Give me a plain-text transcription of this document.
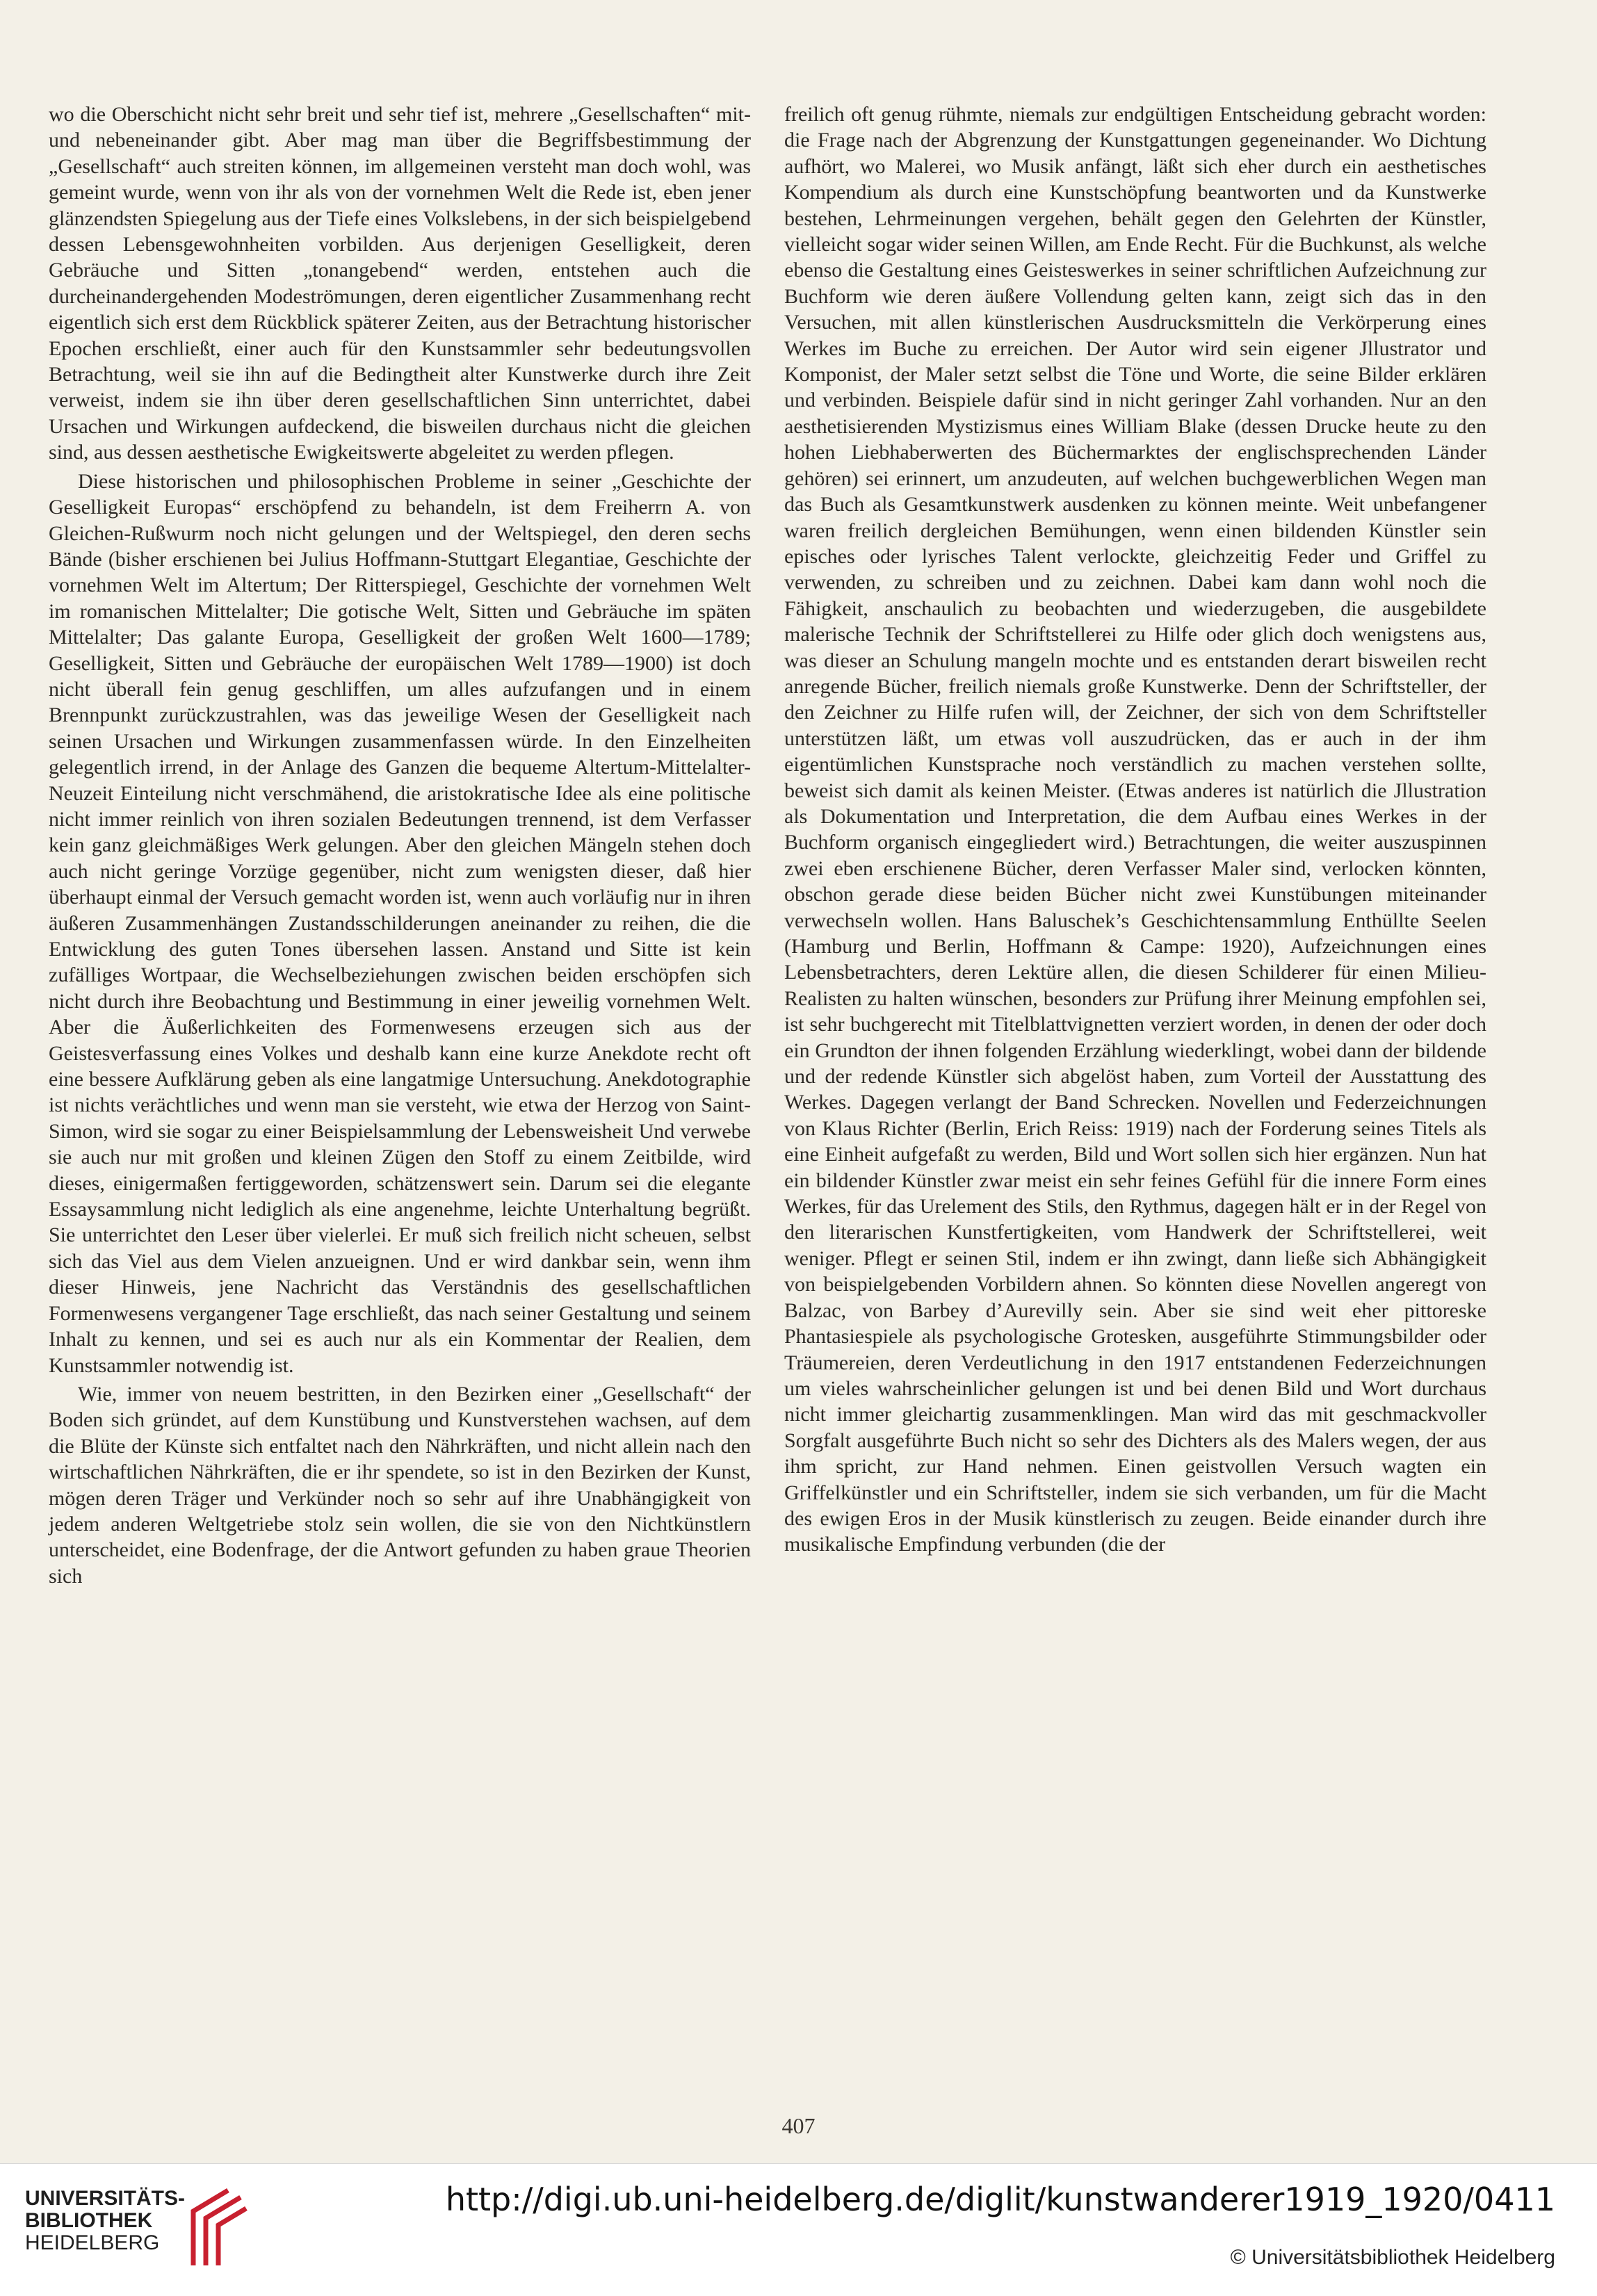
wo die Oberschicht nicht sehr breit und sehr tief ist, mehrere „Gesellschaften“ mit- und nebeneinander gibt. Aber mag man über die Begriffsbestimmung der „Gesellschaft“ auch streiten können, im allgemeinen versteht man doch wohl, was gemeint wurde, wenn von ihr als von der vornehmen Welt die Rede ist, eben jener glänzendsten Spiegelung aus der Tiefe eines Volkslebens, in der sich beispielgebend dessen Lebensgewohnheiten vorbilden. Aus derjenigen Geselligkeit, deren Gebräuche und Sitten „tonangebend“ werden, entstehen auch die durcheinandergehenden Modeströmungen, deren eigentlicher Zusammenhang recht eigentlich sich erst dem Rückblick späterer Zeiten, aus der Betrachtung historischer Epochen erschließt, einer auch für den Kunstsammler sehr bedeutungsvollen Betrachtung, weil sie ihn auf die Bedingtheit alter Kunstwerke durch ihre Zeit verweist, indem sie ihn über deren gesellschaftlichen Sinn unterrichtet, dabei Ursachen und Wirkungen aufdeckend, die bisweilen durchaus nicht die gleichen sind, aus dessen aesthetische Ewigkeitswerte abgeleitet zu werden pflegen.

Diese historischen und philosophischen Probleme in seiner „Geschichte der Geselligkeit Europas“ erschöpfend zu behandeln, ist dem Freiherrn A. von Gleichen-Rußwurm noch nicht gelungen und der Weltspiegel, den deren sechs Bände (bisher erschienen bei Julius Hoffmann-Stuttgart Elegantiae, Geschichte der vornehmen Welt im Altertum; Der Ritterspiegel, Geschichte der vornehmen Welt im romanischen Mittelalter; Die gotische Welt, Sitten und Gebräuche im späten Mittelalter; Das galante Europa, Geselligkeit der großen Welt 1600—1789; Geselligkeit, Sitten und Gebräuche der europäischen Welt 1789—1900) ist doch nicht überall fein genug geschliffen, um alles aufzufangen und in einem Brennpunkt zurückzustrahlen, was das jeweilige Wesen der Geselligkeit nach seinen Ursachen und Wirkungen zusammenfassen würde. In den Einzelheiten gelegentlich irrend, in der Anlage des Ganzen die bequeme Altertum-Mittelalter-Neuzeit Einteilung nicht verschmähend, die aristokratische Idee als eine politische nicht immer reinlich von ihren sozialen Bedeutungen trennend, ist dem Verfasser kein ganz gleichmäßiges Werk gelungen. Aber den gleichen Mängeln stehen doch auch nicht geringe Vorzüge gegenüber, nicht zum wenigsten dieser, daß hier überhaupt einmal der Versuch gemacht worden ist, wenn auch vorläufig nur in ihren äußeren Zusammenhängen Zustandsschilderungen aneinander zu reihen, die die Entwicklung des guten Tones übersehen lassen. Anstand und Sitte ist kein zufälliges Wortpaar, die Wechselbeziehungen zwischen beiden erschöpfen sich nicht durch ihre Beobachtung und Bestimmung in einer jeweilig vornehmen Welt. Aber die Äußerlichkeiten des Formenwesens erzeugen sich aus der Geistesverfassung eines Volkes und deshalb kann eine kurze Anekdote recht oft eine bessere Aufklärung geben als eine langatmige Untersuchung. Anekdotographie ist nichts verächtliches und wenn man sie versteht, wie etwa der Herzog von Saint-Simon, wird sie sogar zu einer Beispielsammlung der Lebensweisheit Und verwebe sie auch nur mit großen und kleinen Zügen den Stoff zu einem Zeitbilde, wird dieses, einigermaßen fertiggeworden, schätzenswert sein. Darum sei die elegante Essaysammlung nicht lediglich als eine angenehme, leichte Unterhaltung begrüßt. Sie unterrichtet den Leser über vielerlei. Er muß sich freilich nicht scheuen, selbst sich das Viel aus dem Vielen anzueignen. Und er wird dankbar sein, wenn ihm dieser Hinweis, jene Nachricht das Verständnis des gesellschaftlichen Formenwesens vergangener Tage erschließt, das nach seiner Gestaltung und seinem Inhalt zu kennen, und sei es auch nur als ein Kommentar der Realien, dem Kunstsammler notwendig ist.

Wie, immer von neuem bestritten, in den Bezirken einer „Gesellschaft“ der Boden sich gründet, auf dem Kunstübung und Kunstverstehen wachsen, auf dem die Blüte der Künste sich entfaltet nach den Nährkräften, und nicht allein nach den wirtschaftlichen Nährkräften, die er ihr spendete, so ist in den Bezirken der Kunst, mögen deren Träger und Verkünder noch so sehr auf ihre Unabhängigkeit von jedem anderen Weltgetriebe stolz sein wollen, die sie von den Nichtkünstlern unterscheidet, eine Bodenfrage, der die Antwort gefunden zu haben graue Theorien sich

freilich oft genug rühmte, niemals zur endgültigen Entscheidung gebracht worden: die Frage nach der Abgrenzung der Kunstgattungen gegeneinander. Wo Dichtung aufhört, wo Malerei, wo Musik anfängt, läßt sich eher durch ein aesthetisches Kompendium als durch eine Kunstschöpfung beantworten und da Kunstwerke bestehen, Lehrmeinungen vergehen, behält gegen den Gelehrten der Künstler, vielleicht sogar wider seinen Willen, am Ende Recht. Für die Buchkunst, als welche ebenso die Gestaltung eines Geisteswerkes in seiner schriftlichen Aufzeichnung zur Buchform wie deren äußere Vollendung gelten kann, zeigt sich das in den Versuchen, mit allen künstlerischen Ausdrucksmitteln die Verkörperung eines Werkes im Buche zu erreichen. Der Autor wird sein eigener Jllustrator und Komponist, der Maler setzt selbst die Töne und Worte, die seine Bilder erklären und verbinden. Beispiele dafür sind in nicht geringer Zahl vorhanden. Nur an den aesthetisierenden Mystizismus eines William Blake (dessen Drucke heute zu den hohen Liebhaberwerten des Büchermarktes der englischsprechenden Länder gehören) sei erinnert, um anzudeuten, auf welchen buchgewerblichen Wegen man das Buch als Gesamtkunstwerk ausdenken zu können meinte. Weit unbefangener waren freilich dergleichen Bemühungen, wenn einen bildenden Künstler sein episches oder lyrisches Talent verlockte, gleichzeitig Feder und Griffel zu verwenden, zu schreiben und zu zeichnen. Dabei kam dann wohl noch die Fähigkeit, anschaulich zu beobachten und wiederzugeben, die ausgebildete malerische Technik der Schriftstellerei zu Hilfe oder glich doch wenigstens aus, was dieser an Schulung mangeln mochte und es entstanden derart bisweilen recht anregende Bücher, freilich niemals große Kunstwerke. Denn der Schriftsteller, der den Zeichner zu Hilfe rufen will, der Zeichner, der sich von dem Schriftsteller unterstützen läßt, um etwas voll auszudrücken, das er auch in der ihm eigentümlichen Kunstsprache noch verständlich zu machen verstehen sollte, beweist sich damit als keinen Meister. (Etwas anderes ist natürlich die Jllustration als Dokumentation und Interpretation, die dem Aufbau eines Werkes in der Buchform organisch eingegliedert wird.) Betrachtungen, die weiter auszuspinnen zwei eben erschienene Bücher, deren Verfasser Maler sind, verlocken könnten, obschon gerade diese beiden Bücher nicht zwei Kunstübungen miteinander verwechseln wollen. Hans Baluschek’s Geschichtensammlung Enthüllte Seelen (Hamburg und Berlin, Hoffmann & Campe: 1920), Aufzeichnungen eines Lebensbetrachters, deren Lektüre allen, die diesen Schilderer für einen Milieu-Realisten zu halten wünschen, besonders zur Prüfung ihrer Meinung empfohlen sei, ist sehr buchgerecht mit Titelblattvignetten verziert worden, in denen der oder doch ein Grundton der ihnen folgenden Erzählung wiederklingt, wobei dann der bildende und der redende Künstler sich abgelöst haben, zum Vorteil der Ausstattung des Werkes. Dagegen verlangt der Band Schrecken. Novellen und Federzeichnungen von Klaus Richter (Berlin, Erich Reiss: 1919) nach der Forderung seines Titels als eine Einheit aufgefaßt zu werden, Bild und Wort sollen sich hier ergänzen. Nun hat ein bildender Künstler zwar meist ein sehr feines Gefühl für die innere Form eines Werkes, für das Urelement des Stils, den Rythmus, dagegen hält er in der Regel von den literarischen Kunstfertigkeiten, vom Handwerk der Schriftstellerei, weit weniger. Pflegt er seinen Stil, indem er ihn zwingt, dann ließe sich Abhängigkeit von beispielgebenden Vorbildern ahnen. So könnten diese Novellen angeregt von Balzac, von Barbey d’Aurevilly sein. Aber sie sind weit eher pittoreske Phantasiespiele als psychologische Grotesken, ausgeführte Stimmungsbilder oder Träumereien, deren Verdeutlichung in den 1917 entstandenen Federzeichnungen um vieles wahrscheinlicher gelungen ist und bei denen Bild und Wort durchaus nicht immer gleichartig zusammenklingen. Man wird das mit geschmackvoller Sorgfalt ausgeführte Buch nicht so sehr des Dichters als des Malers wegen, der aus ihm spricht, zur Hand nehmen. Einen geistvollen Versuch wagten ein Griffelkünstler und ein Schriftsteller, indem sie sich verbanden, um für die Macht des ewigen Eros in der Musik künstlerisch zu zeugen. Beide einander durch ihre musikalische Empfindung verbunden (die der

407
UNIVERSITÄTS-
BIBLIOTHEK
HEIDELBERG
http://digi.ub.uni-heidelberg.de/diglit/kunstwanderer1919_1920/0411
© Universitätsbibliothek Heidelberg
